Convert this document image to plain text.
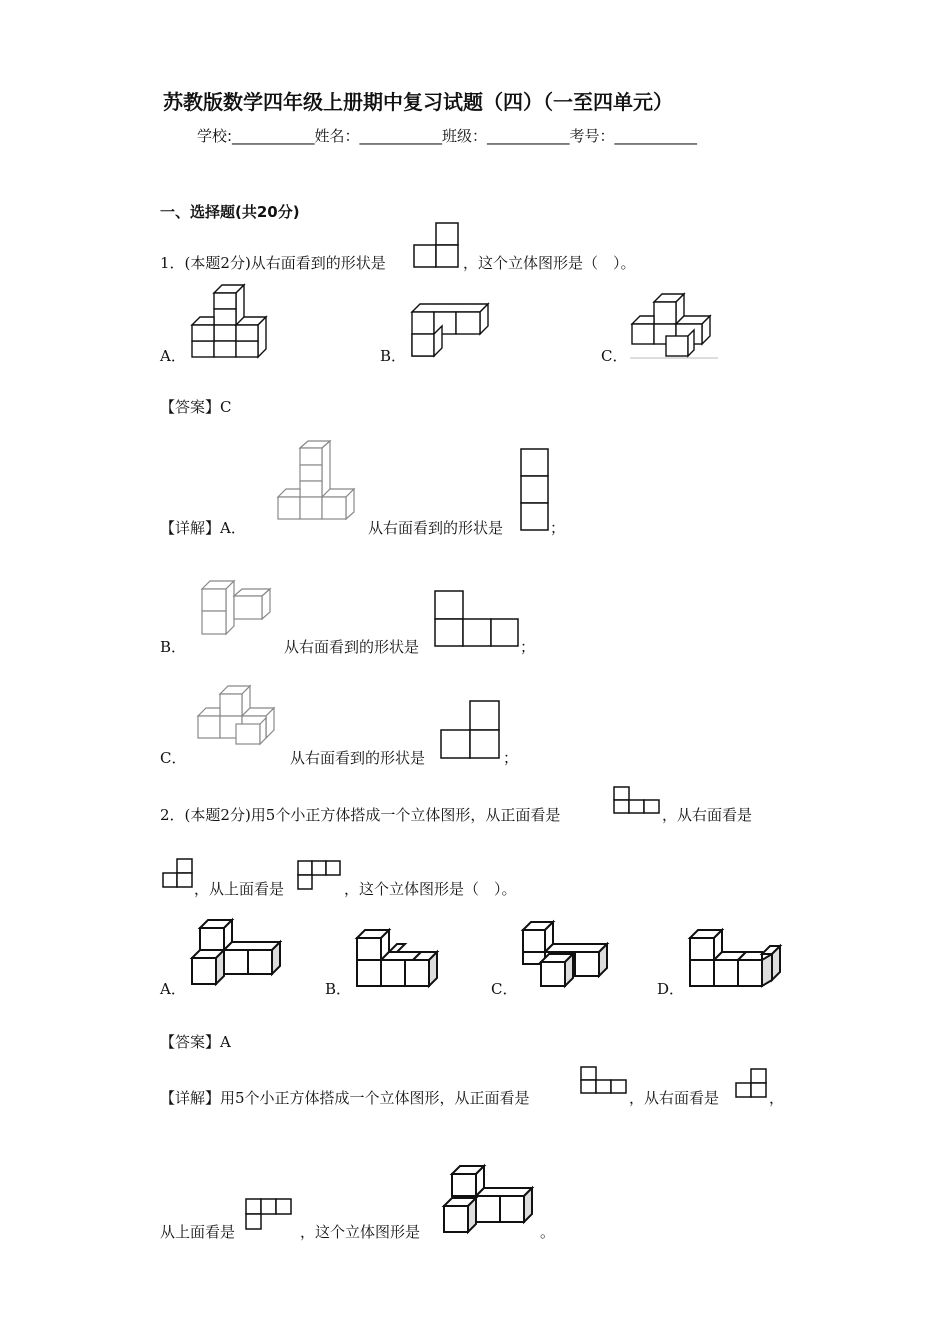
苏教版数学四年级上册期中复习试题（四）（一至四单元）
学校:___________姓名：___________班级：___________考号：___________
一、选择题(共20分)
1．(本题2分)从右面看到的形状是	，这个立体图形是（　）。
A．	B．	C．
【答案】C
【详解】A．	从右面看到的形状是	；
B．	从右面看到的形状是	；
C．	从右面看到的形状是	；
2．(本题2分)用5个小正方体搭成一个立体图形，从正面看是	，从右面看是
，从上面看是	，这个立体图形是（　）。
A．	B．	C．	D．
【答案】A
【详解】用5个小正方体搭成一个立体图形，从正面看是	，从右面看是	，
从上面看是	，这个立体图形是	。
